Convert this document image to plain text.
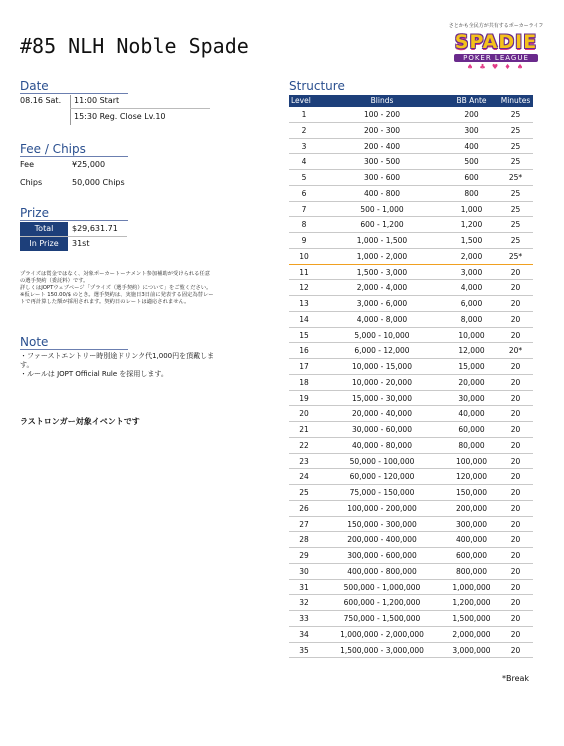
#85 NLH Noble Spade
さとかも全民方が共有するポーカーライフ
SPADIE
POKER LEAGUE
♠ ♣ ♥ ♦ ♠
Date
08.16 Sat. 11:00 Start
15:30 Reg. Close Lv.10
Fee / Chips
Fee	¥25,000
Chips	50,000 Chips
Prize
Total	$29,631.71
In Prize	31st
プライズは賞金ではなく、対象ポーカートーナメント参加補助が受けられる任意
の選手契約（委託料）です。
詳しくはJOPTウェブページ「プライズ（選手契約）について」をご覧ください。
※仮レート 150.00/$ のとき。選手契約は、実施日3日前に発表する固定為替レー
トで再計算した額が採用されます。契約日のレートは適応されません。
Note
・ファーストエントリー時別途ドリンク代1,000円を頂戴しま
す。
・ルールは JOPT Official Rule を採用します。
ラストロンガー対象イベントです
Structure
Level	Blinds	BB Ante	Minutes
1	100 - 200	200	25
2	200 - 300	300	25
3	200 - 400	400	25
4	300 - 500	500	25
5	300 - 600	600	25*
6	400 - 800	800	25
7	500 - 1,000	1,000	25
8	600 - 1,200	1,200	25
9	1,000 - 1,500	1,500	25
10	1,000 - 2,000	2,000	25*
11	1,500 - 3,000	3,000	20
12	2,000 - 4,000	4,000	20
13	3,000 - 6,000	6,000	20
14	4,000 - 8,000	8,000	20
15	5,000 - 10,000	10,000	20
16	6,000 - 12,000	12,000	20*
17	10,000 - 15,000	15,000	20
18	10,000 - 20,000	20,000	20
19	15,000 - 30,000	30,000	20
20	20,000 - 40,000	40,000	20
21	30,000 - 60,000	60,000	20
22	40,000 - 80,000	80,000	20
23	50,000 - 100,000	100,000	20
24	60,000 - 120,000	120,000	20
25	75,000 - 150,000	150,000	20
26	100,000 - 200,000	200,000	20
27	150,000 - 300,000	300,000	20
28	200,000 - 400,000	400,000	20
29	300,000 - 600,000	600,000	20
30	400,000 - 800,000	800,000	20
31	500,000 - 1,000,000	1,000,000	20
32	600,000 - 1,200,000	1,200,000	20
33	750,000 - 1,500,000	1,500,000	20
34	1,000,000 - 2,000,000	2,000,000	20
35	1,500,000 - 3,000,000	3,000,000	20
*Break
